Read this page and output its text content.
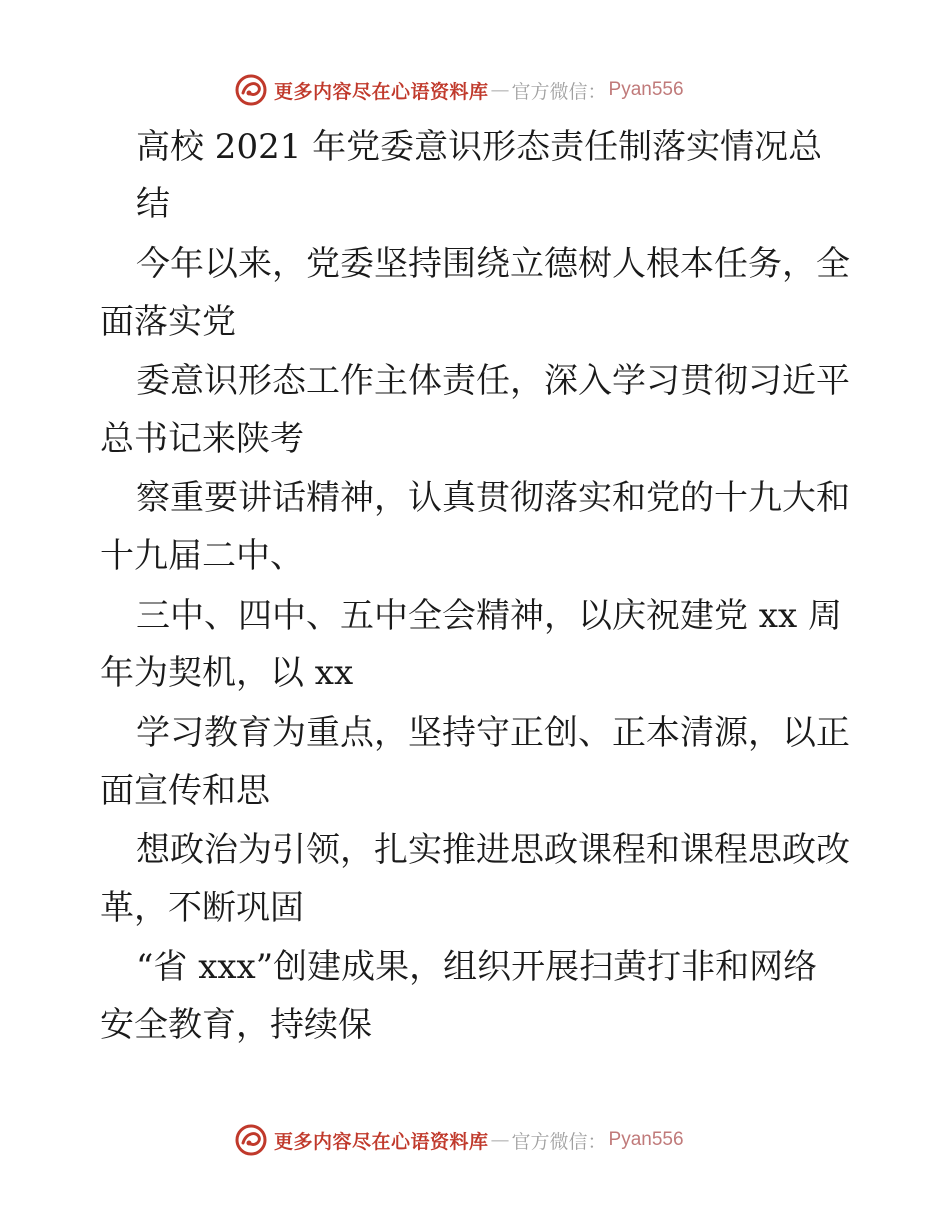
更多内容尽在心语资料库 — 官方微信： Pyan556
高校 2021 年党委意识形态责任制落实情况总
结
今年以来，党委坚持围绕立德树人根本任务，全
面落实党
委意识形态工作主体责任，深入学习贯彻习近平
总书记来陕考
察重要讲话精神，认真贯彻落实和党的十九大和
十九届二中、
三中、四中、五中全会精神，以庆祝建党 xx 周
年为契机，以 xx
学习教育为重点，坚持守正创、正本清源，以正
面宣传和思
想政治为引领，扎实推进思政课程和课程思政改
革，不断巩固
“省 xxx”创建成果，组织开展扫黄打非和网络
安全教育，持续保
更多内容尽在心语资料库 — 官方微信： Pyan556
